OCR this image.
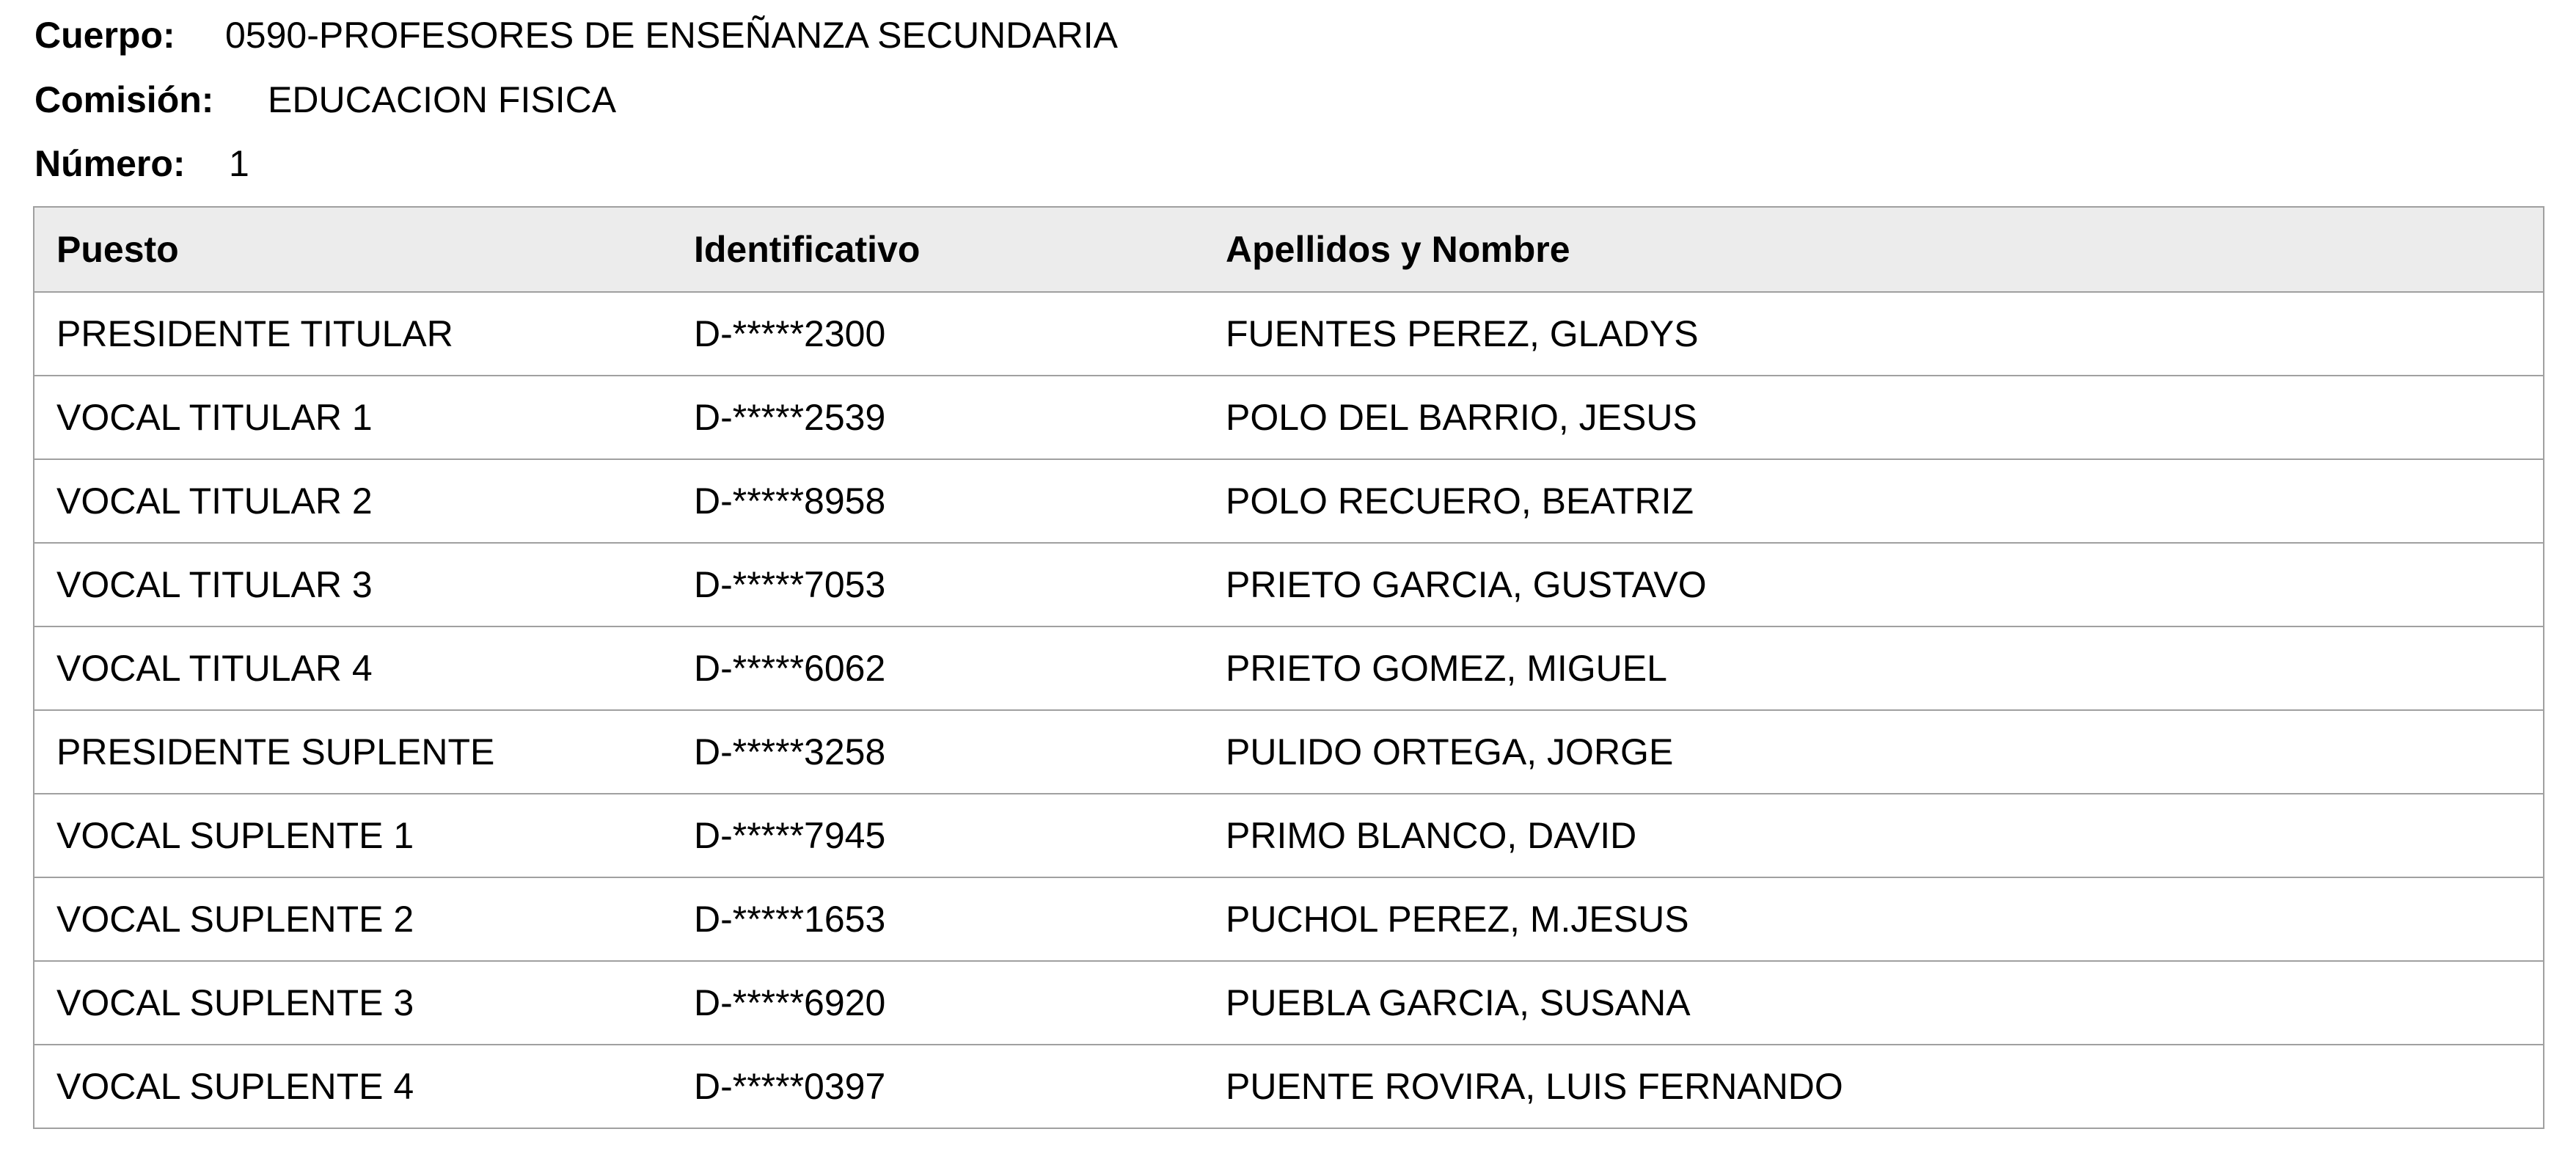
Cuerpo: 0590-PROFESORES DE ENSEÑANZA SECUNDARIA
Comisión: EDUCACION FISICA
Número: 1
Puesto	Identificativo	Apellidos y Nombre
PRESIDENTE TITULAR	D-*****2300	FUENTES PEREZ, GLADYS
VOCAL TITULAR 1	D-*****2539	POLO DEL BARRIO, JESUS
VOCAL TITULAR 2	D-*****8958	POLO RECUERO, BEATRIZ
VOCAL TITULAR 3	D-*****7053	PRIETO GARCIA, GUSTAVO
VOCAL TITULAR 4	D-*****6062	PRIETO GOMEZ, MIGUEL
PRESIDENTE SUPLENTE	D-*****3258	PULIDO ORTEGA, JORGE
VOCAL SUPLENTE 1	D-*****7945	PRIMO BLANCO, DAVID
VOCAL SUPLENTE 2	D-*****1653	PUCHOL PEREZ, M.JESUS
VOCAL SUPLENTE 3	D-*****6920	PUEBLA GARCIA, SUSANA
VOCAL SUPLENTE 4	D-*****0397	PUENTE ROVIRA, LUIS FERNANDO
